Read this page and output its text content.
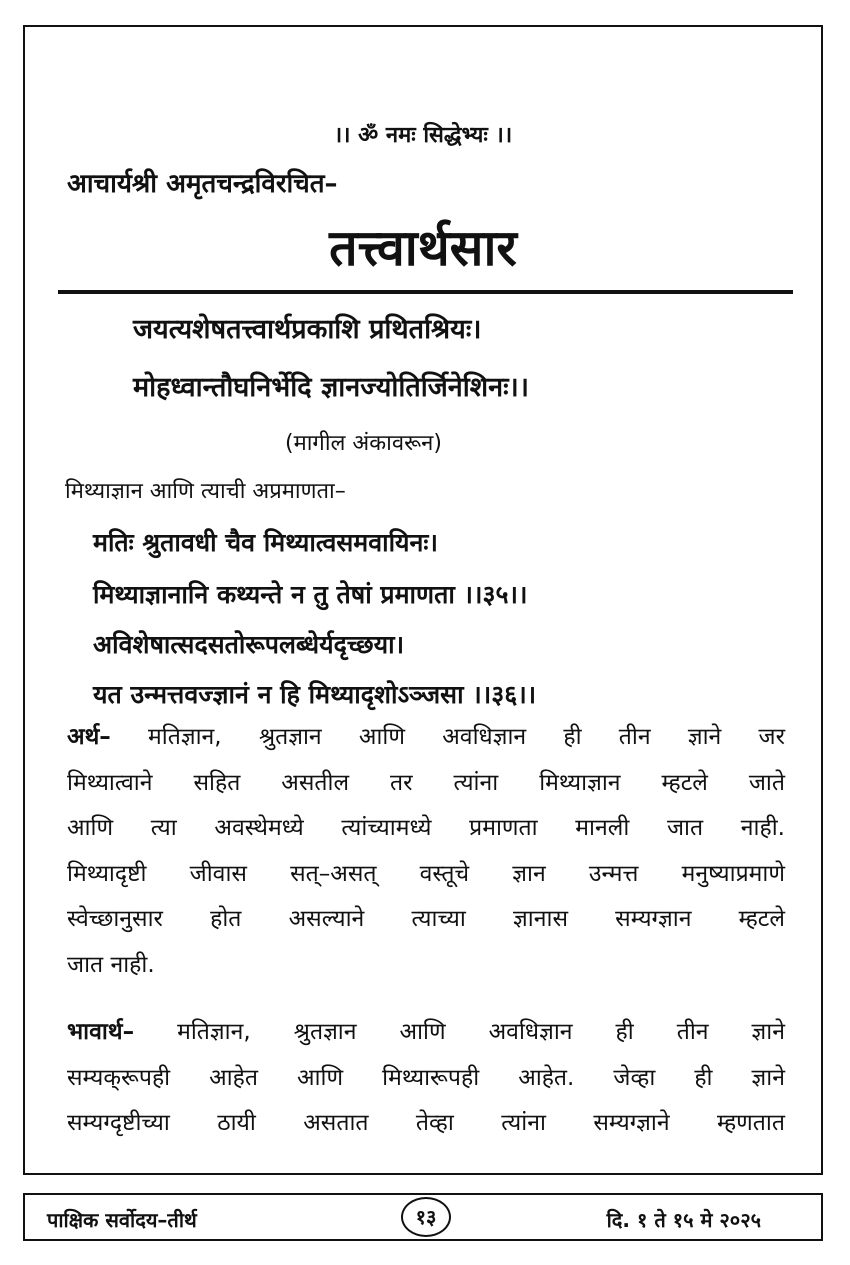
।। ॐ नमः सिद्धेभ्यः ।।
आचार्यश्री अमृतचन्द्रविरचित–
तत्त्वार्थसार
जयत्यशेषतत्त्वार्थप्रकाशि प्रथितश्रियः।
मोहध्वान्तौघनिर्भेदि ज्ञानज्योतिर्जिनेशिनः।।
(मागील अंकावरून)
मिथ्याज्ञान आणि त्याची अप्रमाणता–
मतिः श्रुतावधी चैव मिथ्यात्वसमवायिनः।
मिथ्याज्ञानानि कथ्यन्ते न तु तेषां प्रमाणता ।।३५।।
अविशेषात्सदसतोरूपलब्धेर्यदृच्छया।
यत उन्मत्तवज्ज्ञानं न हि मिथ्यादृशोऽञ्जसा ।।३६।।
अर्थ– मतिज्ञान, श्रुतज्ञान आणि अवधिज्ञान ही तीन ज्ञाने जर
मिथ्यात्वाने सहित असतील तर त्यांना मिथ्याज्ञान म्हटले जाते
आणि त्या अवस्थेमध्ये त्यांच्यामध्ये प्रमाणता मानली जात नाही.
मिथ्यादृष्टी जीवास सत्–असत् वस्तूचे ज्ञान उन्मत्त मनुष्याप्रमाणे
स्वेच्छानुसार होत असल्याने त्याच्या ज्ञानास सम्यग्ज्ञान म्हटले
जात नाही.
भावार्थ– मतिज्ञान, श्रुतज्ञान आणि अवधिज्ञान ही तीन ज्ञाने
सम्यक्‌रूपही आहेत आणि मिथ्यारूपही आहेत. जेव्हा ही ज्ञाने
सम्यग्दृष्टीच्या ठायी असतात तेव्हा त्यांना सम्यग्ज्ञाने म्हणतात
पाक्षिक सर्वोदय–तीर्थ	१३	दि. १ ते १५ मे २०२५
